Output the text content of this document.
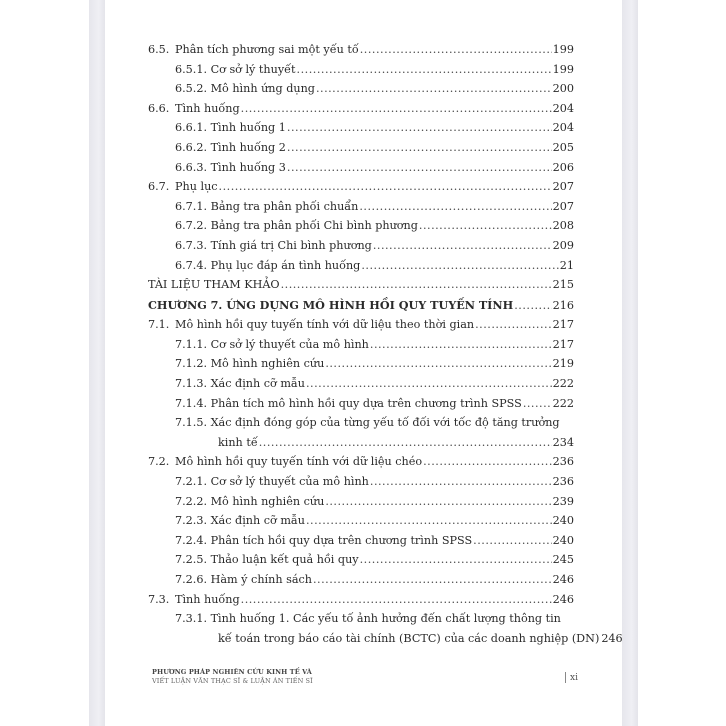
6.5. Phân tích phương sai một yếu tố .....	199
6.5.1. Cơ sở lý thuyết .....	199
6.5.2. Mô hình ứng dụng .....	200
6.6. Tình huống .....	204
6.6.1. Tình huống 1 .....	204
6.6.2. Tình huống 2 .....	205
6.6.3. Tình huống 3 .....	206
6.7. Phụ lục .....	207
6.7.1. Bảng tra phân phối chuẩn .....	207
6.7.2. Bảng tra phân phối Chi bình phương .....	208
6.7.3. Tính giá trị Chi bình phương .....	209
6.7.4. Phụ lục đáp án tình huống .....	21
TÀI LIỆU THAM KHẢO .....	215
CHƯƠNG 7. ỨNG DỤNG MÔ HÌNH HỒI QUY TUYẾN TÍNH .....	216
7.1. Mô hình hồi quy tuyến tính với dữ liệu theo thời gian .....	217
7.1.1. Cơ sở lý thuyết của mô hình .....	217
7.1.2. Mô hình nghiên cứu .....	219
7.1.3. Xác định cỡ mẫu .....	222
7.1.4. Phân tích mô hình hồi quy dựa trên chương trình SPSS .....	222
7.1.5. Xác định đóng góp của từng yếu tố đối với tốc độ tăng trưởng
kinh tế .....	234
7.2. Mô hình hồi quy tuyến tính với dữ liệu chéo .....	236
7.2.1. Cơ sở lý thuyết của mô hình .....	236
7.2.2. Mô hình nghiên cứu .....	239
7.2.3. Xác định cỡ mẫu .....	240
7.2.4. Phân tích hồi quy dựa trên chương trình SPSS .....	240
7.2.5. Thảo luận kết quả hồi quy .....	245
7.2.6. Hàm ý chính sách .....	246
7.3. Tình huống .....	246
7.3.1. Tình huống 1. Các yếu tố ảnh hưởng đến chất lượng thông tin
kế toán trong báo cáo tài chính (BCTC) của các doanh nghiệp (DN) 246
PHƯƠNG PHÁP NGHIÊN CỨU KINH TẾ VÀ
VIẾT LUẬN VĂN THẠC SĨ & LUẬN ÁN TIẾN SĨ	xi
